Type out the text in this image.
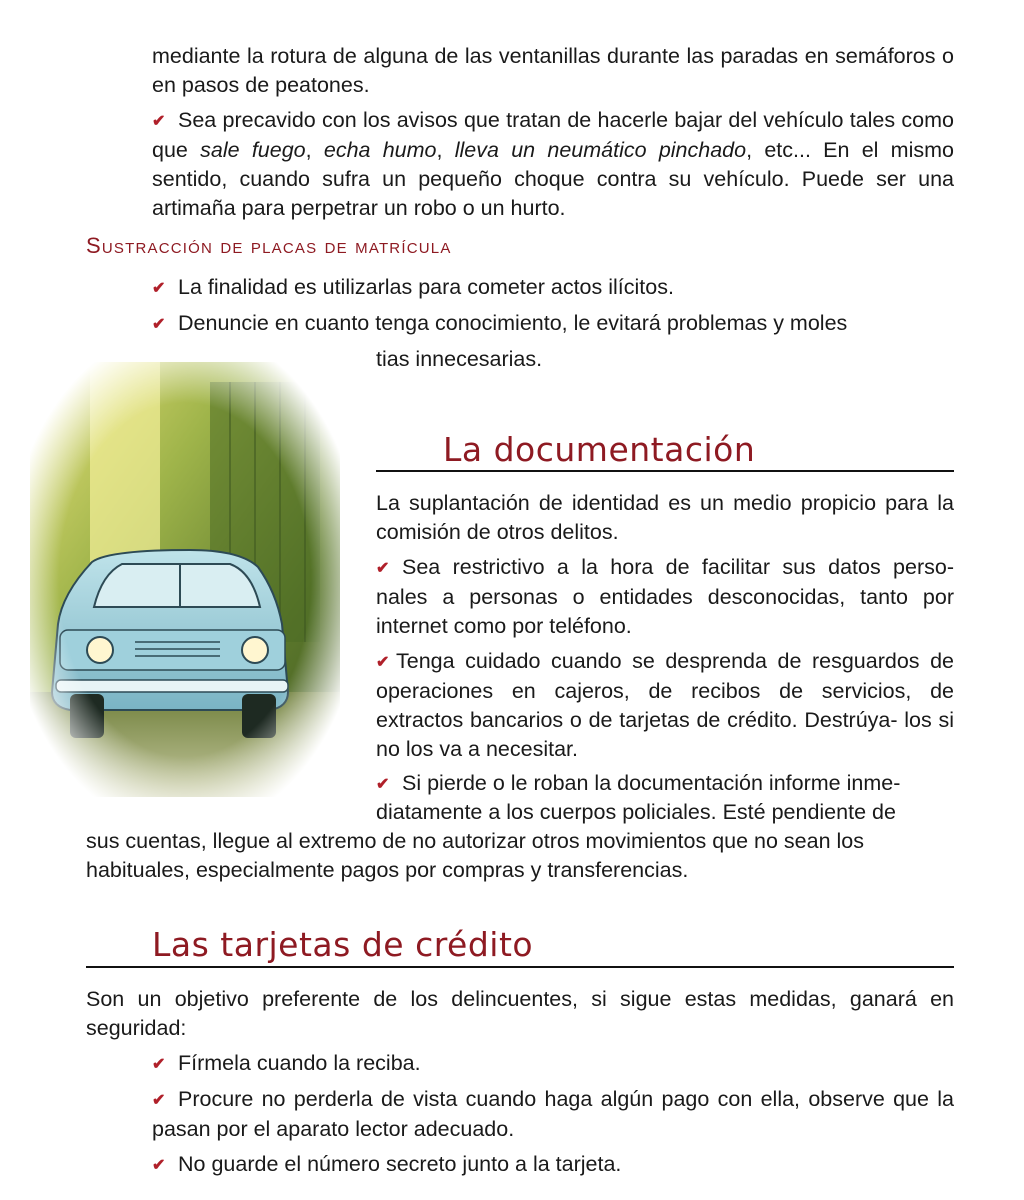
mediante la rotura de alguna de las ventanillas durante las paradas en semáforos o en pasos de peatones.
✔ Sea precavido con los avisos que tratan de hacerle bajar del vehículo tales como que sale fuego, echa humo, lleva un neumático pinchado, etc... En el mismo sentido, cuando sufra un pequeño choque contra su vehículo. Puede ser una artimaña para perpetrar un robo o un hurto.
Sustracción de placas de matrícula
✔ La finalidad es utilizarlas para cometer actos ilícitos.
✔ Denuncie en cuanto tenga conocimiento, le evitará problemas y moles
tias innecesarias.
La documentación
La suplantación de identidad es un medio propicio para la comisión de otros delitos.
✔ Sea restrictivo a la hora de facilitar sus datos perso- nales a personas o entidades desconocidas, tanto por internet como por teléfono.
✔ Tenga cuidado cuando se desprenda de resguardos de operaciones en cajeros, de recibos de servicios, de extractos bancarios o de tarjetas de crédito. Destrúya- los si no los va a necesitar.
✔ Si pierde o le roban la documentación informe inme-
diatamente a los cuerpos policiales. Esté pendiente de
sus cuentas, llegue al extremo de no autorizar otros movimientos que no sean los
habituales, especialmente pagos por compras y transferencias.
Las tarjetas de crédito
Son un objetivo preferente de los delincuentes, si sigue estas medidas, ganará en seguridad:
✔ Fírmela cuando la reciba.
✔ Procure no perderla de vista cuando haga algún pago con ella, observe que la pasan por el aparato lector adecuado.
✔ No guarde el número secreto junto a la tarjeta.
